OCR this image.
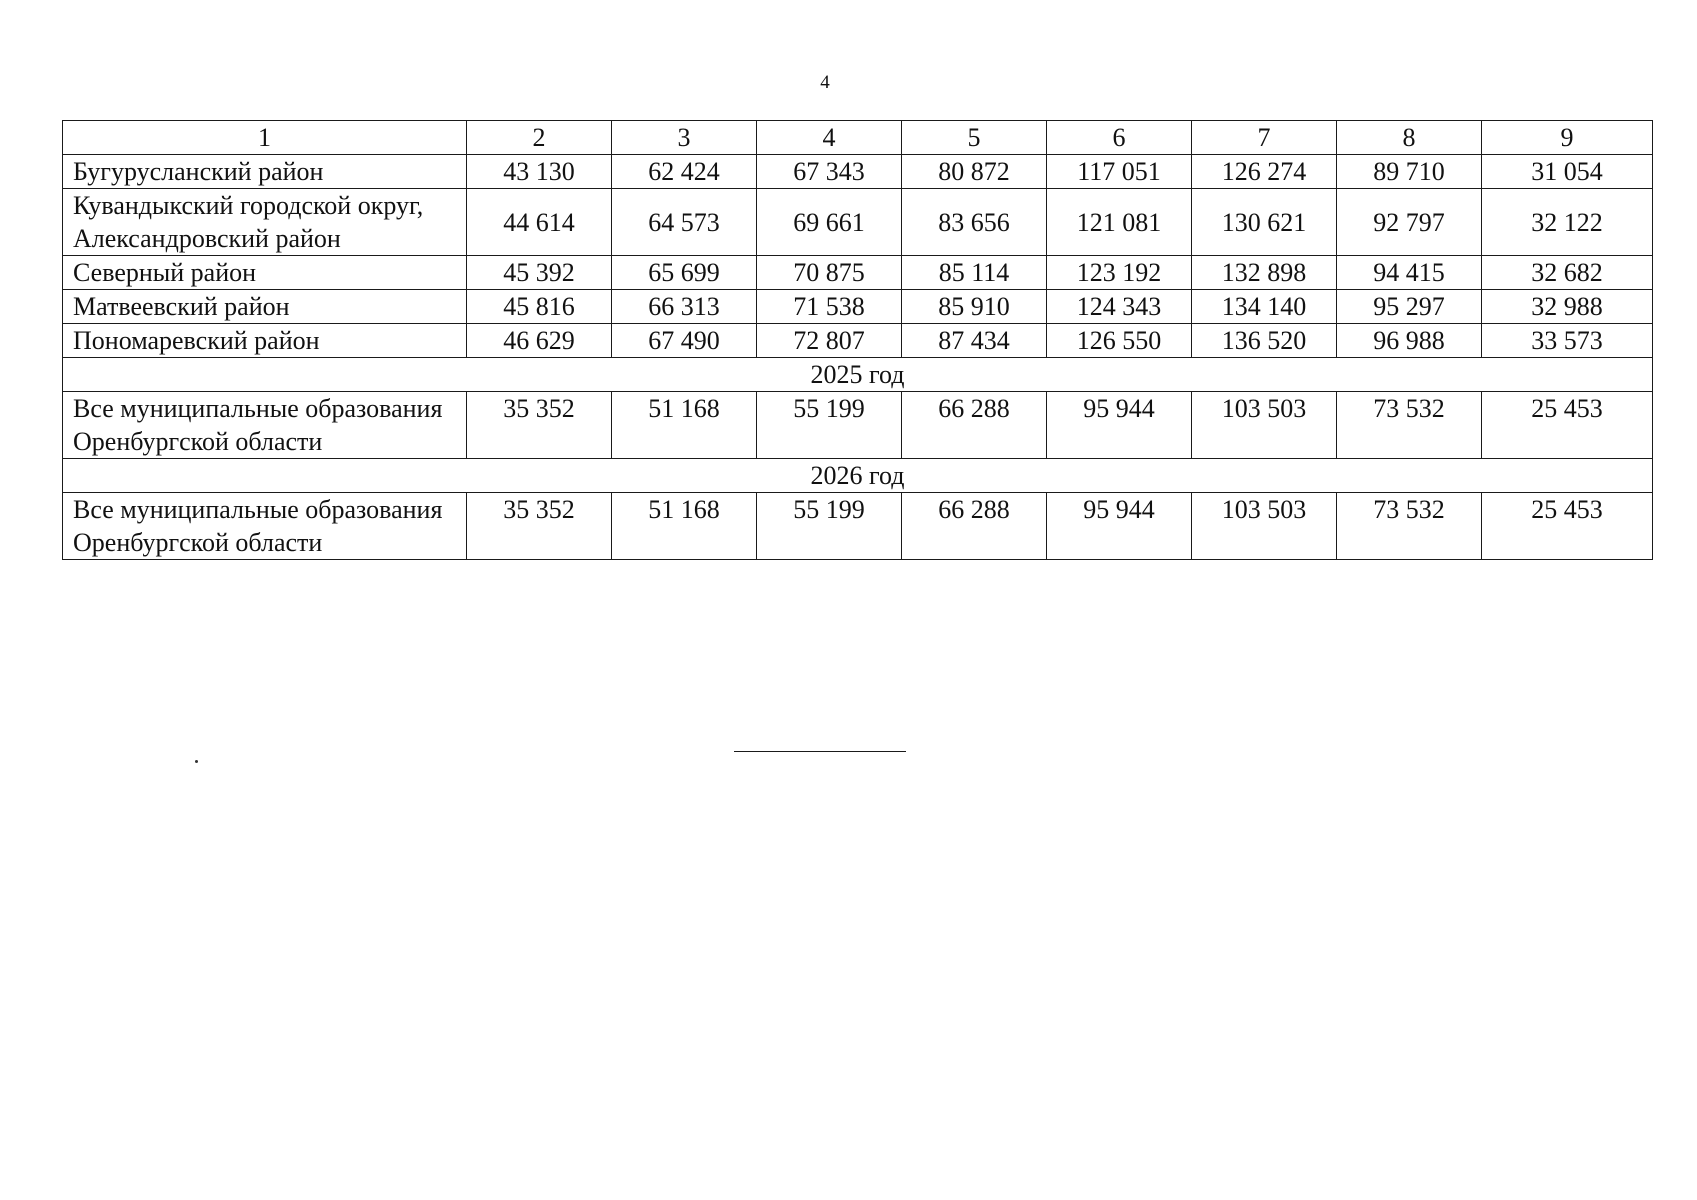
4
1	2	3	4	5	6	7	8	9
Бугурусланский район	43 130	62 424	67 343	80 872	117 051	126 274	89 710	31 054
Кувандыкский городской округ,
Александровский район	44 614	64 573	69 661	83 656	121 081	130 621	92 797	32 122
Северный район	45 392	65 699	70 875	85 114	123 192	132 898	94 415	32 682
Матвеевский район	45 816	66 313	71 538	85 910	124 343	134 140	95 297	32 988
Пономаревский район	46 629	67 490	72 807	87 434	126 550	136 520	96 988	33 573
2025 год								
Все муниципальные образования Оренбургской области	35 352	51 168	55 199	66 288	95 944	103 503	73 532	25 453
2026 год								
Все муниципальные образования Оренбургской области	35 352	51 168	55 199	66 288	95 944	103 503	73 532	25 453
